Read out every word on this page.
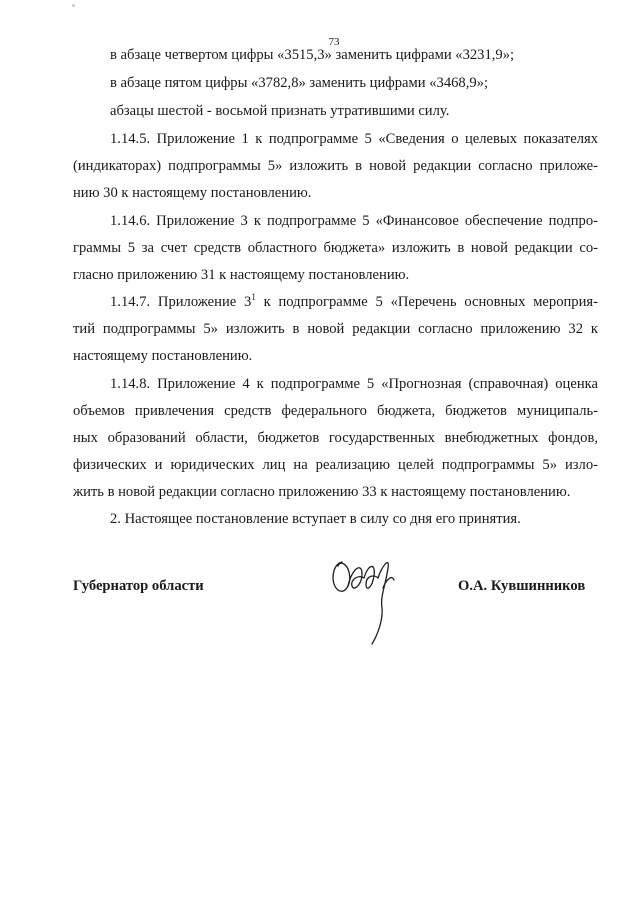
73
в абзаце четвертом цифры «3515,3» заменить цифрами «3231,9»;
в абзаце пятом цифры «3782,8» заменить цифрами «3468,9»;
абзацы шестой - восьмой признать утратившими силу.
1.14.5. Приложение 1 к подпрограмме 5 «Сведения о целевых показателях
(индикаторах) подпрограммы 5» изложить в новой редакции согласно приложе-
нию 30 к настоящему постановлению.
1.14.6. Приложение 3 к подпрограмме 5 «Финансовое обеспечение подпро-
граммы 5 за счет средств областного бюджета» изложить в новой редакции со-
гласно приложению 31 к настоящему постановлению.
1.14.7. Приложение $3^1$ к подпрограмме 5 «Перечень основных мероприя-
тий подпрограммы 5» изложить в новой редакции согласно приложению 32 к
настоящему постановлению.
1.14.8. Приложение 4 к подпрограмме 5 «Прогнозная (справочная) оценка
объемов привлечения средств федерального бюджета, бюджетов муниципаль-
ных образований области, бюджетов государственных внебюджетных фондов,
физических и юридических лиц на реализацию целей подпрограммы 5» изло-
жить в новой редакции согласно приложению 33 к настоящему постановлению.
2. Настоящее постановление вступает в силу со дня его принятия.
Губернатор области	О.А. Кувшинников
